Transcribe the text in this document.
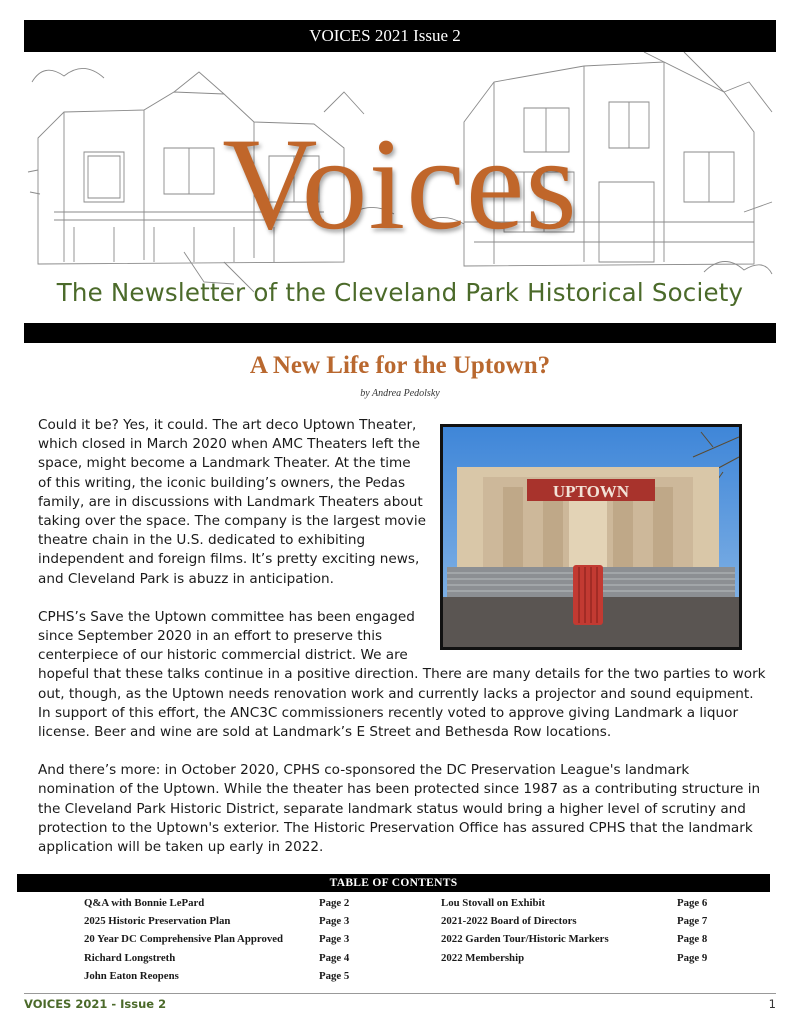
VOICES 2021 Issue 2
Voices
The Newsletter of the Cleveland Park Historical Society
A New Life for the Uptown?
by Andrea Pedolsky
UPTOWN

Could it be? Yes, it could. The art deco Uptown Theater, which closed in March 2020 when AMC Theaters left the space, might become a Landmark Theater. At the time of this writing, the iconic building’s owners, the Pedas family, are in discussions with Landmark Theaters about taking over the space. The company is the largest movie theatre chain in the U.S. dedicated to exhibiting independent and foreign films. It’s pretty exciting news, and Cleveland Park is abuzz in anticipation.

CPHS’s Save the Uptown committee has been engaged since September 2020 in an effort to preserve this centerpiece of our historic commercial district. We are hopeful that these talks continue in a positive direction. There are many details for the two parties to work out, though, as the Uptown needs renovation work and currently lacks a projector and sound equipment. In support of this effort, the ANC3C commissioners recently voted to approve giving Landmark a liquor license. Beer and wine are sold at Landmark’s E Street and Bethesda Row locations.

And there’s more: in October 2020, CPHS co-sponsored the DC Preservation League's landmark nomination of the Uptown. While the theater has been protected since 1987 as a contributing structure in the Cleveland Park Historic District, separate landmark status would bring a higher level of scrutiny and protection to the Uptown's exterior. The Historic Preservation Office has assured CPHS that the landmark application will be taken up early in 2022.

TABLE OF CONTENTS
Q&A with Bonnie LePard	Page 2
2025 Historic Preservation Plan	Page 3
20 Year DC Comprehensive Plan Approved	Page 3
Richard Longstreth	Page 4
John Eaton Reopens	Page 5
Lou Stovall on Exhibit	Page 6
2021-2022 Board of Directors	Page 7
2022 Garden Tour/Historic Markers	Page 8
2022 Membership	Page 9
VOICES 2021 - Issue 2	1
